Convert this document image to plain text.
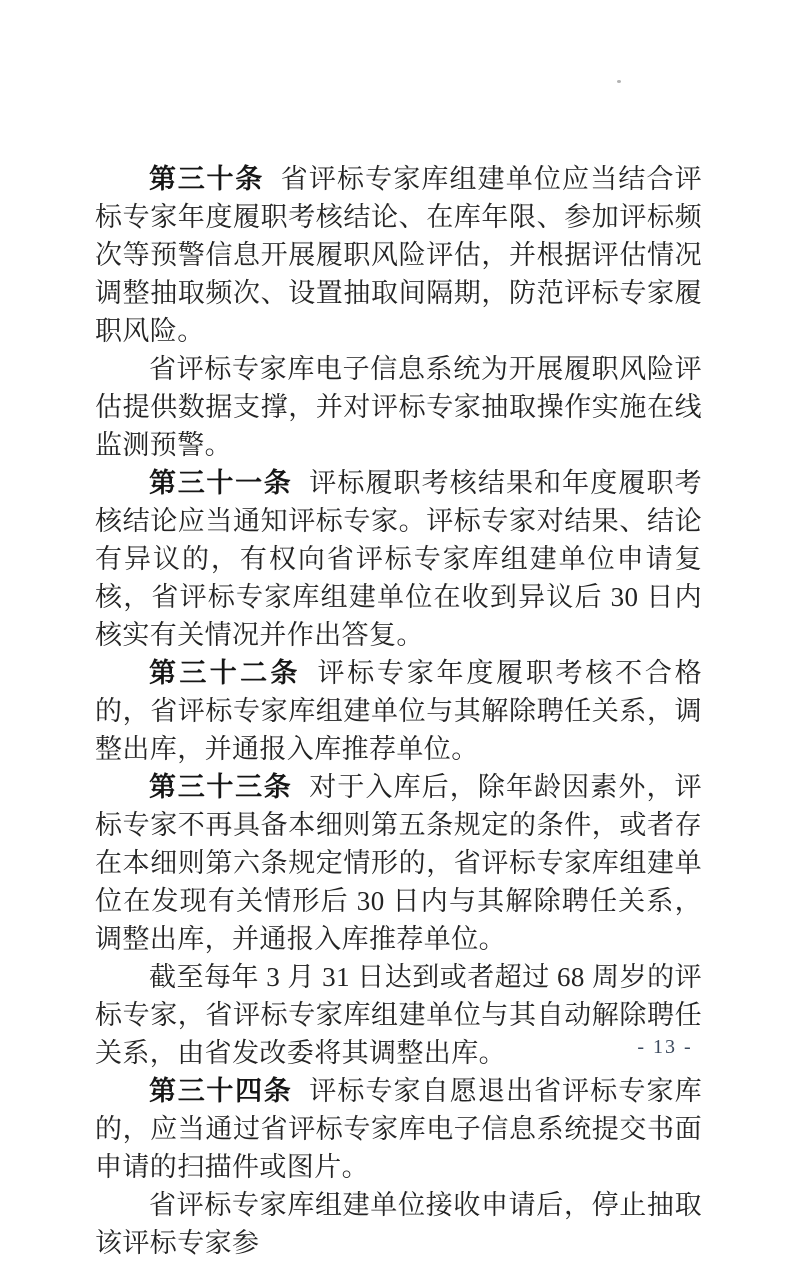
第三十条 省评标专家库组建单位应当结合评标专家年度履职考核结论、在库年限、参加评标频次等预警信息开展履职风险评估，并根据评估情况调整抽取频次、设置抽取间隔期，防范评标专家履职风险。

省评标专家库电子信息系统为开展履职风险评估提供数据支撑，并对评标专家抽取操作实施在线监测预警。

第三十一条 评标履职考核结果和年度履职考核结论应当通知评标专家。评标专家对结果、结论有异议的，有权向省评标专家库组建单位申请复核，省评标专家库组建单位在收到异议后 30 日内核实有关情况并作出答复。

第三十二条 评标专家年度履职考核不合格的，省评标专家库组建单位与其解除聘任关系，调整出库，并通报入库推荐单位。

第三十三条 对于入库后，除年龄因素外，评标专家不再具备本细则第五条规定的条件，或者存在本细则第六条规定情形的，省评标专家库组建单位在发现有关情形后 30 日内与其解除聘任关系，调整出库，并通报入库推荐单位。

截至每年 3 月 31 日达到或者超过 68 周岁的评标专家，省评标专家库组建单位与其自动解除聘任关系，由省发改委将其调整出库。

第三十四条 评标专家自愿退出省评标专家库的，应当通过省评标专家库电子信息系统提交书面申请的扫描件或图片。

省评标专家库组建单位接收申请后，停止抽取该评标专家参

- 13 -
